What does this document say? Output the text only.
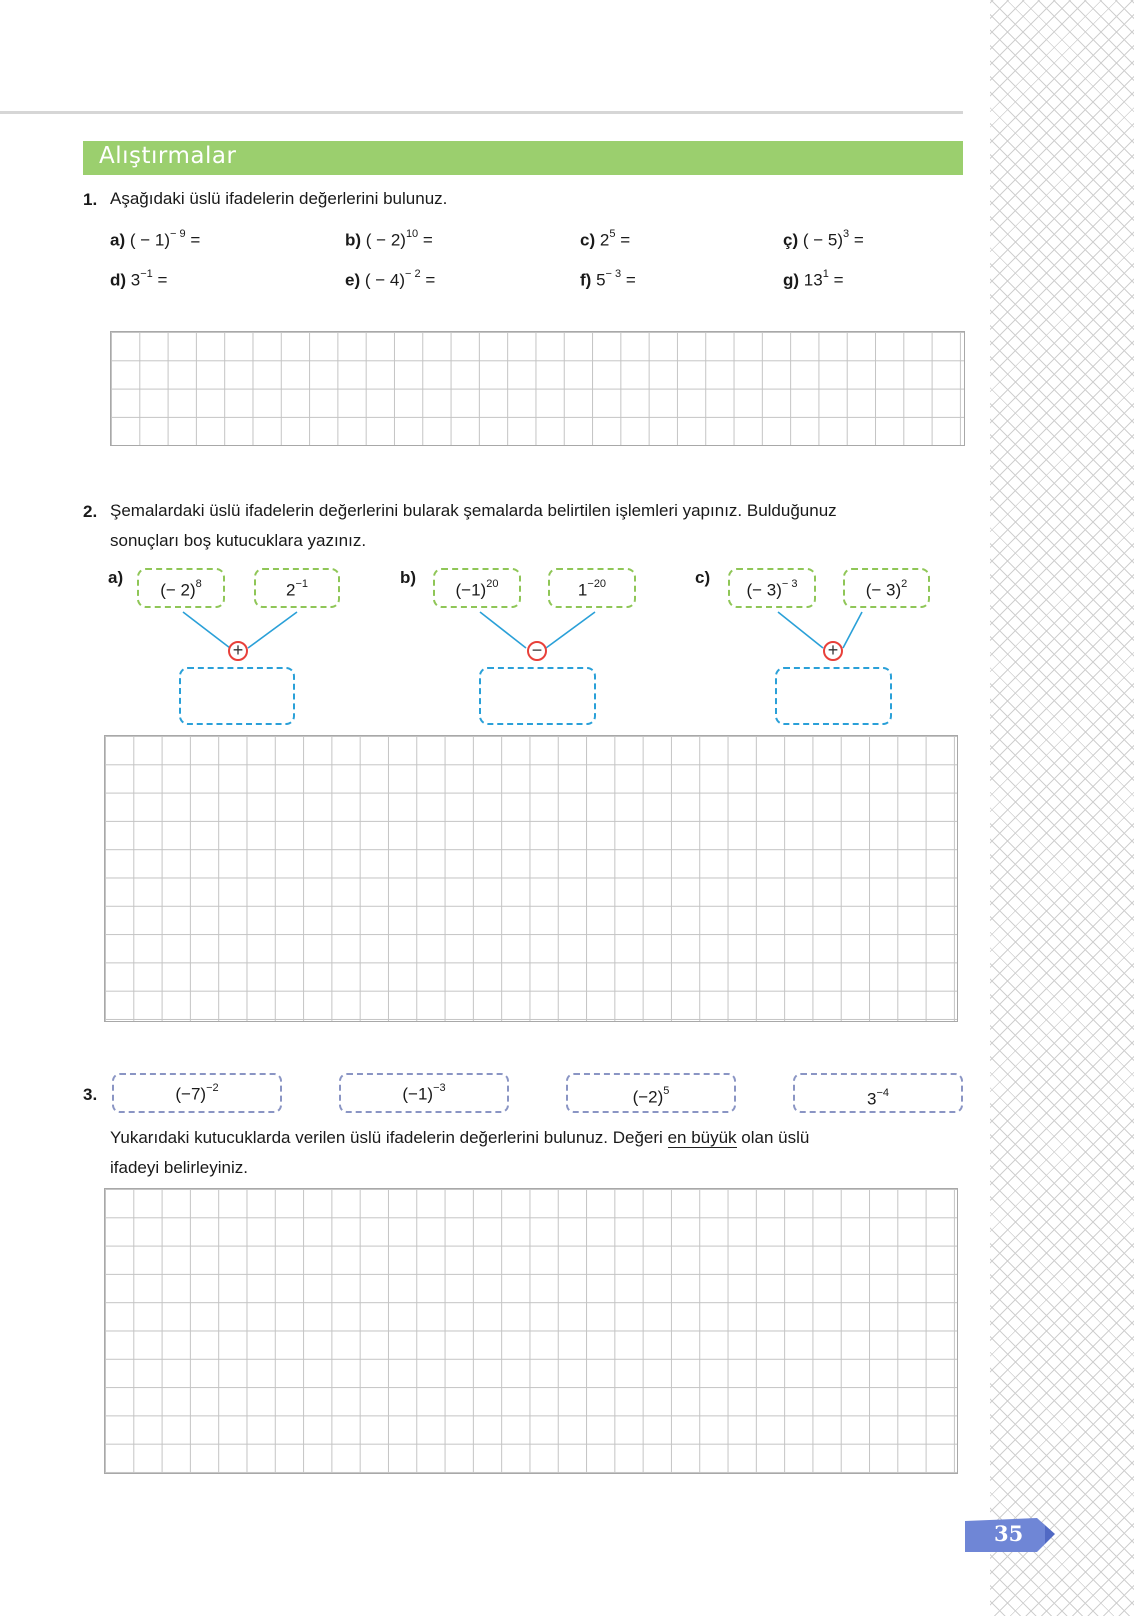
Alıştırmalar
1. Aşağıdaki üslü ifadelerin değerlerini bulunuz.
a) ( − 1)$^{- 9}$ =	b) ( − 2)$^{10}$ =	c) $2^5$ =	ç) ( − 5)$^3$ =
d) $3^{-1}$ =	e) ( − 4)$^{- 2}$ =	f) $5^{- 3}$ =	g) $13^1$ =
2. Şemalardaki üslü ifadelerin değerlerini bularak şemalarda belirtilen işlemleri yapınız. Bulduğunuz
sonuçları boş kutucuklara yazınız.
a)
(− 2)$^8$	$2^{-1}$
+
b)
$(-1)^{20}$	$1^{-20}$
−
c)
(− 3)$^{- 3}$	(− 3)$^2$
+
3.	$(-7)^{-2}$	$(-1)^{-3}$	$(-2)^5$	$3^{-4}$
Yukarıdaki kutucuklarda verilen üslü ifadelerin değerlerini bulunuz. Değeri en büyük olan üslü
ifadeyi belirleyiniz.
35
